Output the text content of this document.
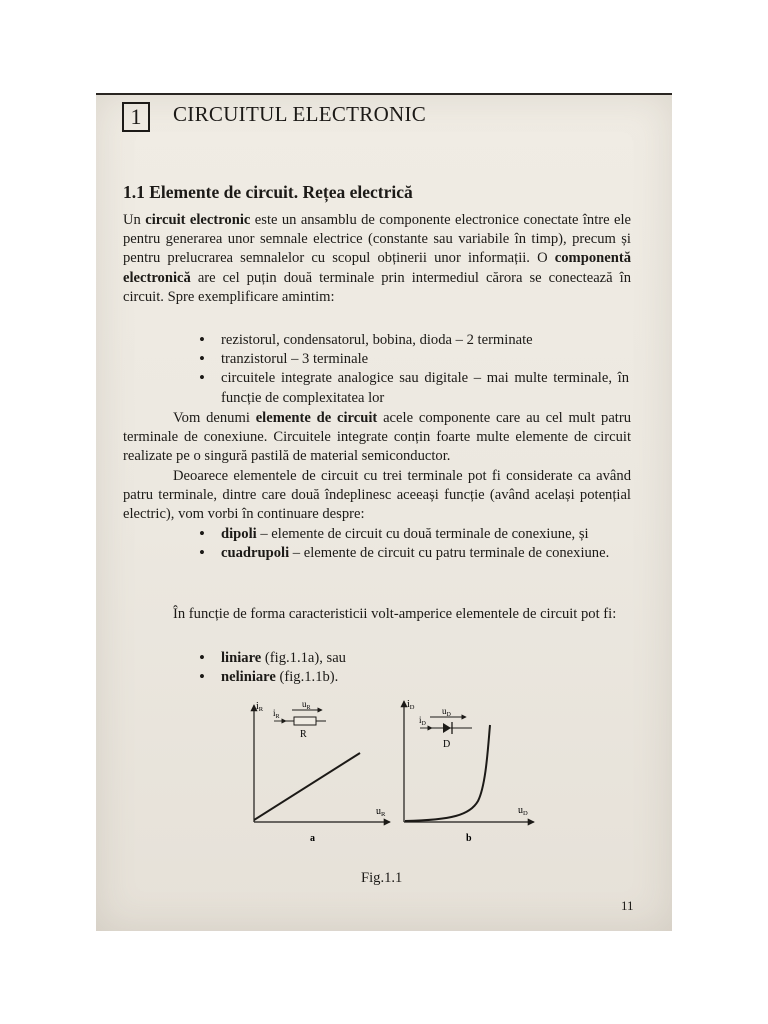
1	CIRCUITUL ELECTRONIC
1.1 Elemente de circuit. Rețea electrică

Un circuit electronic este un ansamblu de componente electronice conectate între ele pentru generarea unor semnale electrice (constante sau variabile în timp), precum și pentru prelucrarea semnalelor cu scopul obținerii unor informații. O componentă electronică are cel puțin două terminale prin intermediul cărora se conectează în circuit. Spre exemplificare amintim:

• rezistorul, condensatorul, bobina, dioda – 2 terminate
• tranzistorul – 3 terminale
• circuitele integrate analogice sau digitale – mai multe terminale, în funcție de complexitatea lor

Vom denumi elemente de circuit acele componente care au cel mult patru terminale de conexiune. Circuitele integrate conțin foarte multe elemente de circuit realizate pe o singură pastilă de material semiconductor.

Deoarece elementele de circuit cu trei terminale pot fi considerate ca având patru terminale, dintre care două îndeplinesc aceeași funcție (având același potențial electric), vom vorbi în continuare despre:

• dipoli – elemente de circuit cu două terminale de conexiune, și
• cuadrupoli – elemente de circuit cu patru terminale de conexiune.

În funcție de forma caracteristicii volt-amperice elementele de circuit pot fi:

• liniare (fig.1.1a), sau
• neliniare (fig.1.1b).
$i_R$
$u_R$
$u_R$
$i_R$
R
a
$i_D$
$u_D$
$u_D$
$i_D$
D
b
Fig.1.1
11
